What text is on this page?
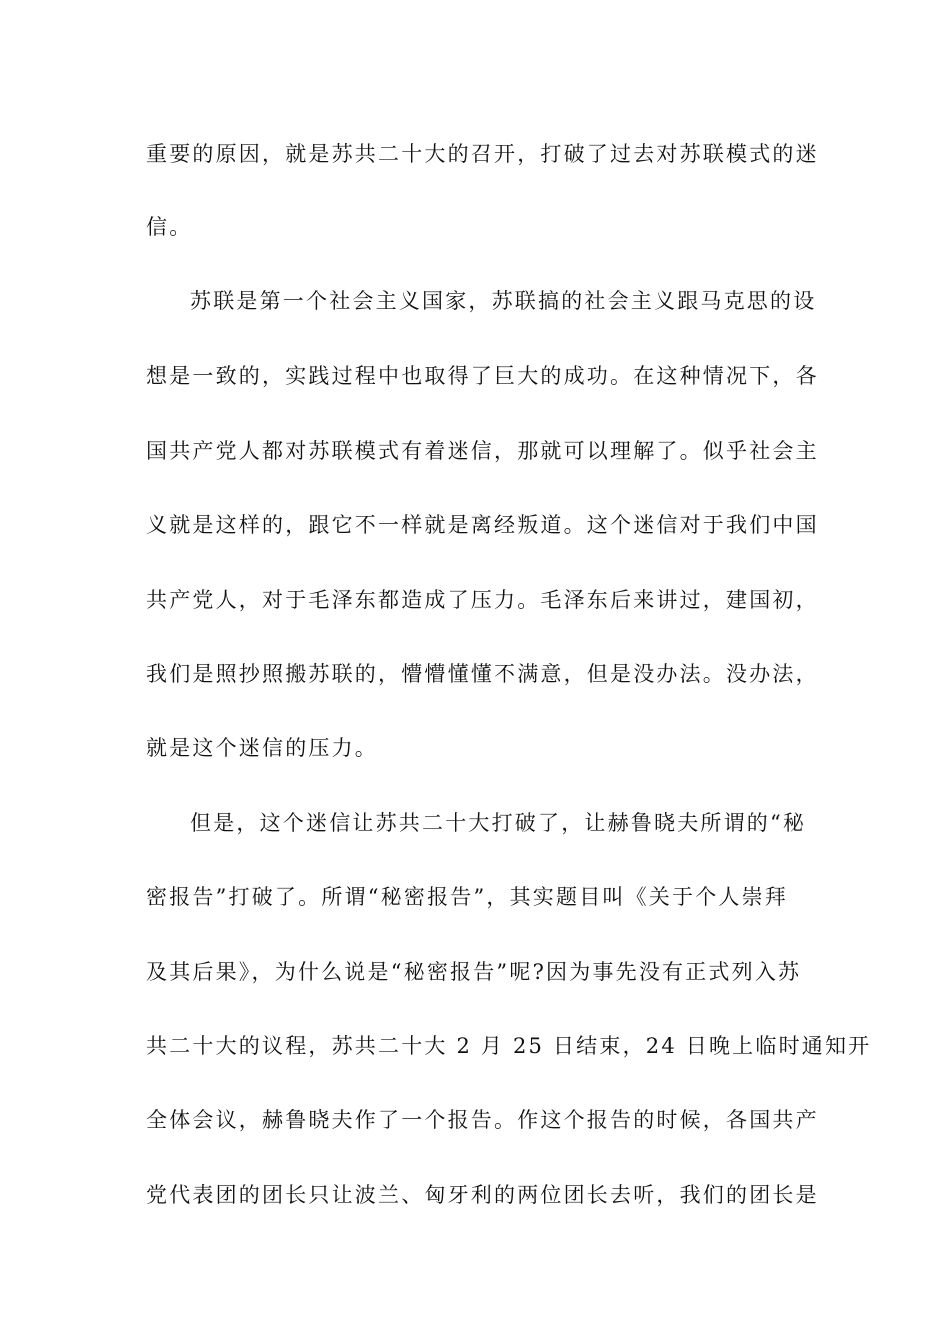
重要的原因，就是苏共二十大的召开，打破了过去对苏联模式的迷
信。
苏联是第一个社会主义国家，苏联搞的社会主义跟马克思的设
想是一致的，实践过程中也取得了巨大的成功。在这种情况下，各
国共产党人都对苏联模式有着迷信，那就可以理解了。似乎社会主
义就是这样的，跟它不一样就是离经叛道。这个迷信对于我们中国
共产党人，对于毛泽东都造成了压力。毛泽东后来讲过，建国初，
我们是照抄照搬苏联的，懵懵懂懂不满意，但是没办法。没办法，
就是这个迷信的压力。
但是，这个迷信让苏共二十大打破了，让赫鲁晓夫所谓的“秘
密报告”打破了。所谓“秘密报告”，其实题目叫《关于个人崇拜
及其后果》，为什么说是“秘密报告”呢?因为事先没有正式列入苏
共二十大的议程，苏共二十大 2 月 25 日结束，24 日晚上临时通知开
全体会议，赫鲁晓夫作了一个报告。作这个报告的时候，各国共产
党代表团的团长只让波兰、匈牙利的两位团长去听，我们的团长是
